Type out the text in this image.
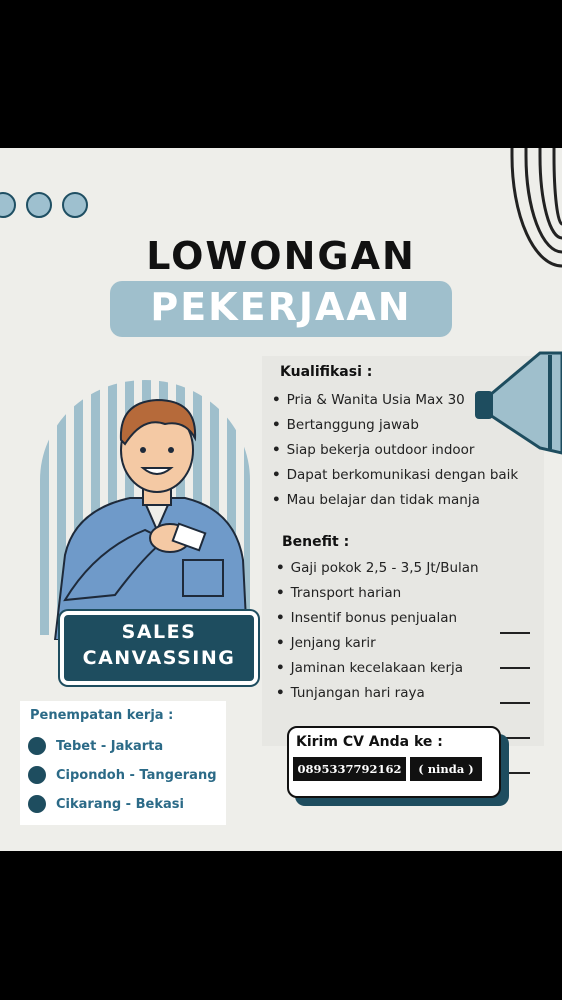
LOWONGAN
PEKERJAAN
Kualifikasi :
• Pria & Wanita Usia Max 30
• Bertanggung jawab
• Siap bekerja outdoor indoor
• Dapat berkomunikasi dengan baik
• Mau belajar dan tidak manja
Benefit :
• Gaji pokok 2,5 - 3,5 Jt/Bulan
• Transport harian
• Insentif bonus penjualan
• Jenjang karir
• Jaminan kecelakaan kerja
• Tunjangan hari raya
SALES
CANVASSING
Penempatan kerja :
Tebet - Jakarta
Cipondoh - Tangerang
Cikarang - Bekasi
Kirim CV Anda ke :
0895337792162	( ninda )
